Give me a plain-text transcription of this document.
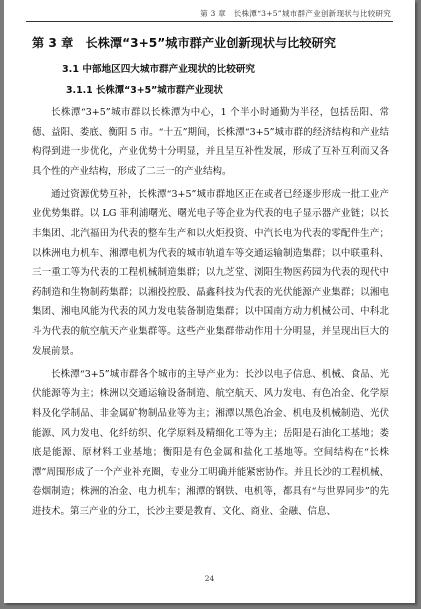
第 3 章　长株潭“3+5”城市群产业创新现状与比较研究
第 3 章　长株潭“3+5”城市群产业创新现状与比较研究
3.1 中部地区四大城市群产业现状的比较研究
3.1.1 长株潭“3+5”城市群产业现状

长株潭“3+5”城市群以长株潭为中心，1 个半小时通勤为半径，包括岳阳、常德、益阳、娄底、衡阳 5 市。“十五”期间，长株潭“3+5”城市群的经济结构和产业结构得到进一步优化，产业优势十分明显，并且呈互补性发展，形成了互补互利而又各具个性的产业结构，形成了二三一的产业结构。

通过资源优势互补，长株潭“3+5”城市群地区正在或者已经逐步形成一批工业产业优势集群。以 LG 菲利浦曙光、曙光电子等企业为代表的电子显示器产业链；以长丰集团、北汽福田为代表的整车生产和以火炬投资、中汽长电为代表的零配件生产；以株洲电力机车、湘潭电机为代表的城市轨道车等交通运输制造集群；以中联重科、三一重工等为代表的工程机械制造集群；以九芝堂、浏阳生物医药园为代表的现代中药制造和生物制药集群；以湘投控股、晶鑫科技为代表的光伏能源产业集群；以湘电集团、湘电风能为代表的风力发电装备制造集群；以中国南方动力机械公司、中科北斗为代表的航空航天产业集群等。这些产业集群带动作用十分明显，并呈现出巨大的发展前景。

长株潭“3+5”城市群各个城市的主导产业为：长沙以电子信息、机械、食品、光伏能源等为主；株洲以交通运输设备制造、航空航天、风力发电、有色冶金、化学原料及化学制品、非金属矿物制品业等为主；湘潭以黑色冶金、机电及机械制造、光伏能源、风力发电、化纤纺织、化学原料及精细化工等为主；岳阳是石油化工基地；娄底是能源、原材料工业基地；衡阳是有色金属和盐化工基地等。空间结构在“长株潭”周围形成了一个产业补充圈，专业分工明确并能紧密协作。并且长沙的工程机械、卷烟制造；株洲的冶金、电力机车；湘潭的钢铁、电机等，都具有“与世界同步”的先进技术。第三产业的分工，长沙主要是教育、文化、商业、金融、信息、

24
